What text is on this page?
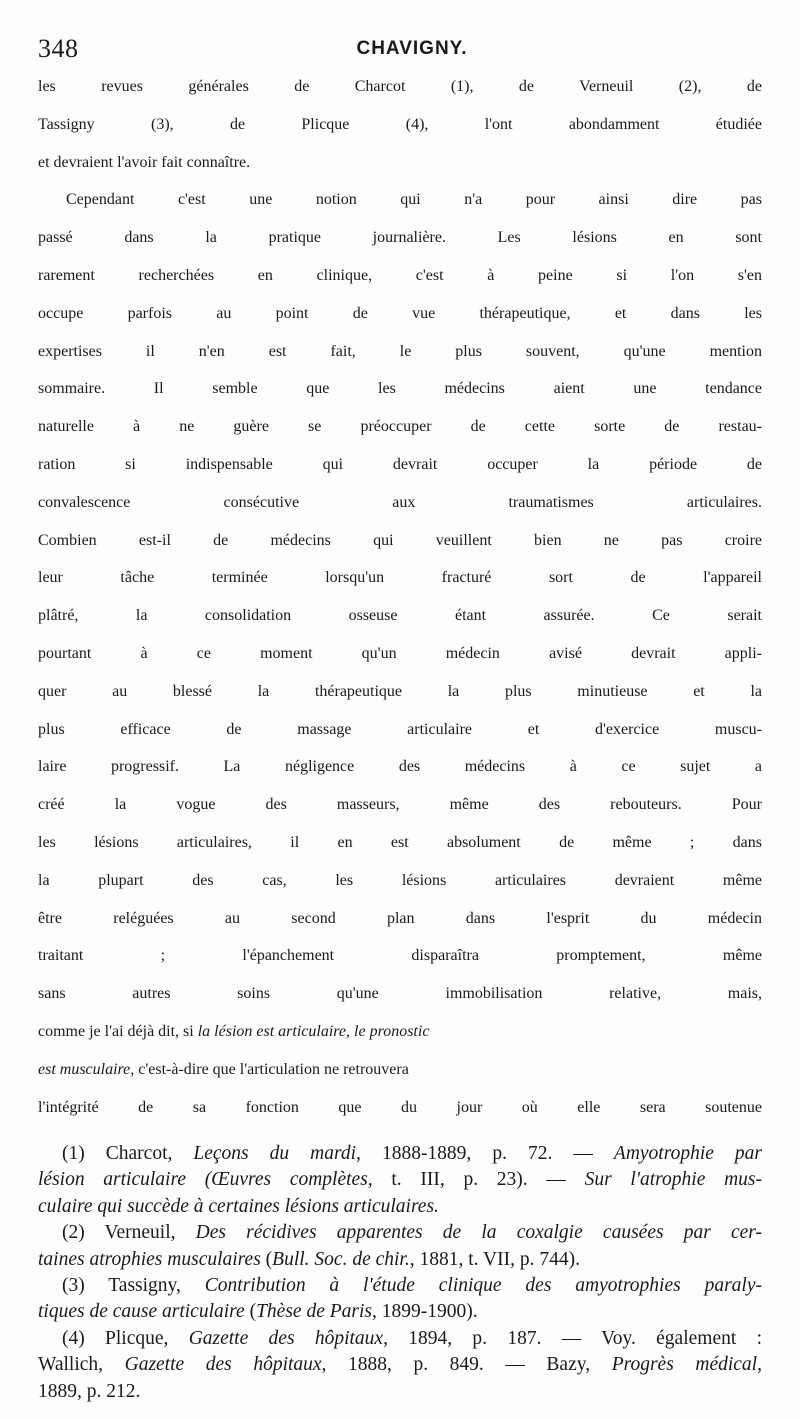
348	CHAVIGNY.
les revues générales de Charcot (1), de Verneuil (2), de
Tassigny (3), de Plicque (4), l'ont abondamment étudiée
et devraient l'avoir fait connaître.
Cependant c'est une notion qui n'a pour ainsi dire pas
passé dans la pratique journalière. Les lésions en sont
rarement recherchées en clinique, c'est à peine si l'on s'en
occupe parfois au point de vue thérapeutique, et dans les
expertises il n'en est fait, le plus souvent, qu'une mention
sommaire. Il semble que les médecins aient une tendance
naturelle à ne guère se préoccuper de cette sorte de restau-
ration si indispensable qui devrait occuper la période de
convalescence consécutive aux traumatismes articulaires.
Combien est-il de médecins qui veuillent bien ne pas croire
leur tâche terminée lorsqu'un fracturé sort de l'appareil
plâtré, la consolidation osseuse étant assurée. Ce serait
pourtant à ce moment qu'un médecin avisé devrait appli-
quer au blessé la thérapeutique la plus minutieuse et la
plus efficace de massage articulaire et d'exercice muscu-
laire progressif. La négligence des médecins à ce sujet a
créé la vogue des masseurs, même des rebouteurs. Pour
les lésions articulaires, il en est absolument de même ; dans
la plupart des cas, les lésions articulaires devraient même
être reléguées au second plan dans l'esprit du médecin
traitant ; l'épanchement disparaîtra promptement, même
sans autres soins qu'une immobilisation relative, mais,
comme je l'ai déjà dit, si la lésion est articulaire, le pronostic
est musculaire, c'est-à-dire que l'articulation ne retrouvera
l'intégrité de sa fonction que du jour où elle sera soutenue
(1) Charcot, Leçons du mardi, 1888-1889, p. 72. — Amyotrophie par
lésion articulaire (Œuvres complètes, t. III, p. 23). — Sur l'atrophie mus-
culaire qui succède à certaines lésions articulaires.
(2) Verneuil, Des récidives apparentes de la coxalgie causées par cer-
taines atrophies musculaires (Bull. Soc. de chir., 1881, t. VII, p. 744).
(3) Tassigny, Contribution à l'étude clinique des amyotrophies paraly-
tiques de cause articulaire (Thèse de Paris, 1899-1900).
(4) Plicque, Gazette des hôpitaux, 1894, p. 187. — Voy. également :
Wallich, Gazette des hôpitaux, 1888, p. 849. — Bazy, Progrès médical,
1889, p. 212.
